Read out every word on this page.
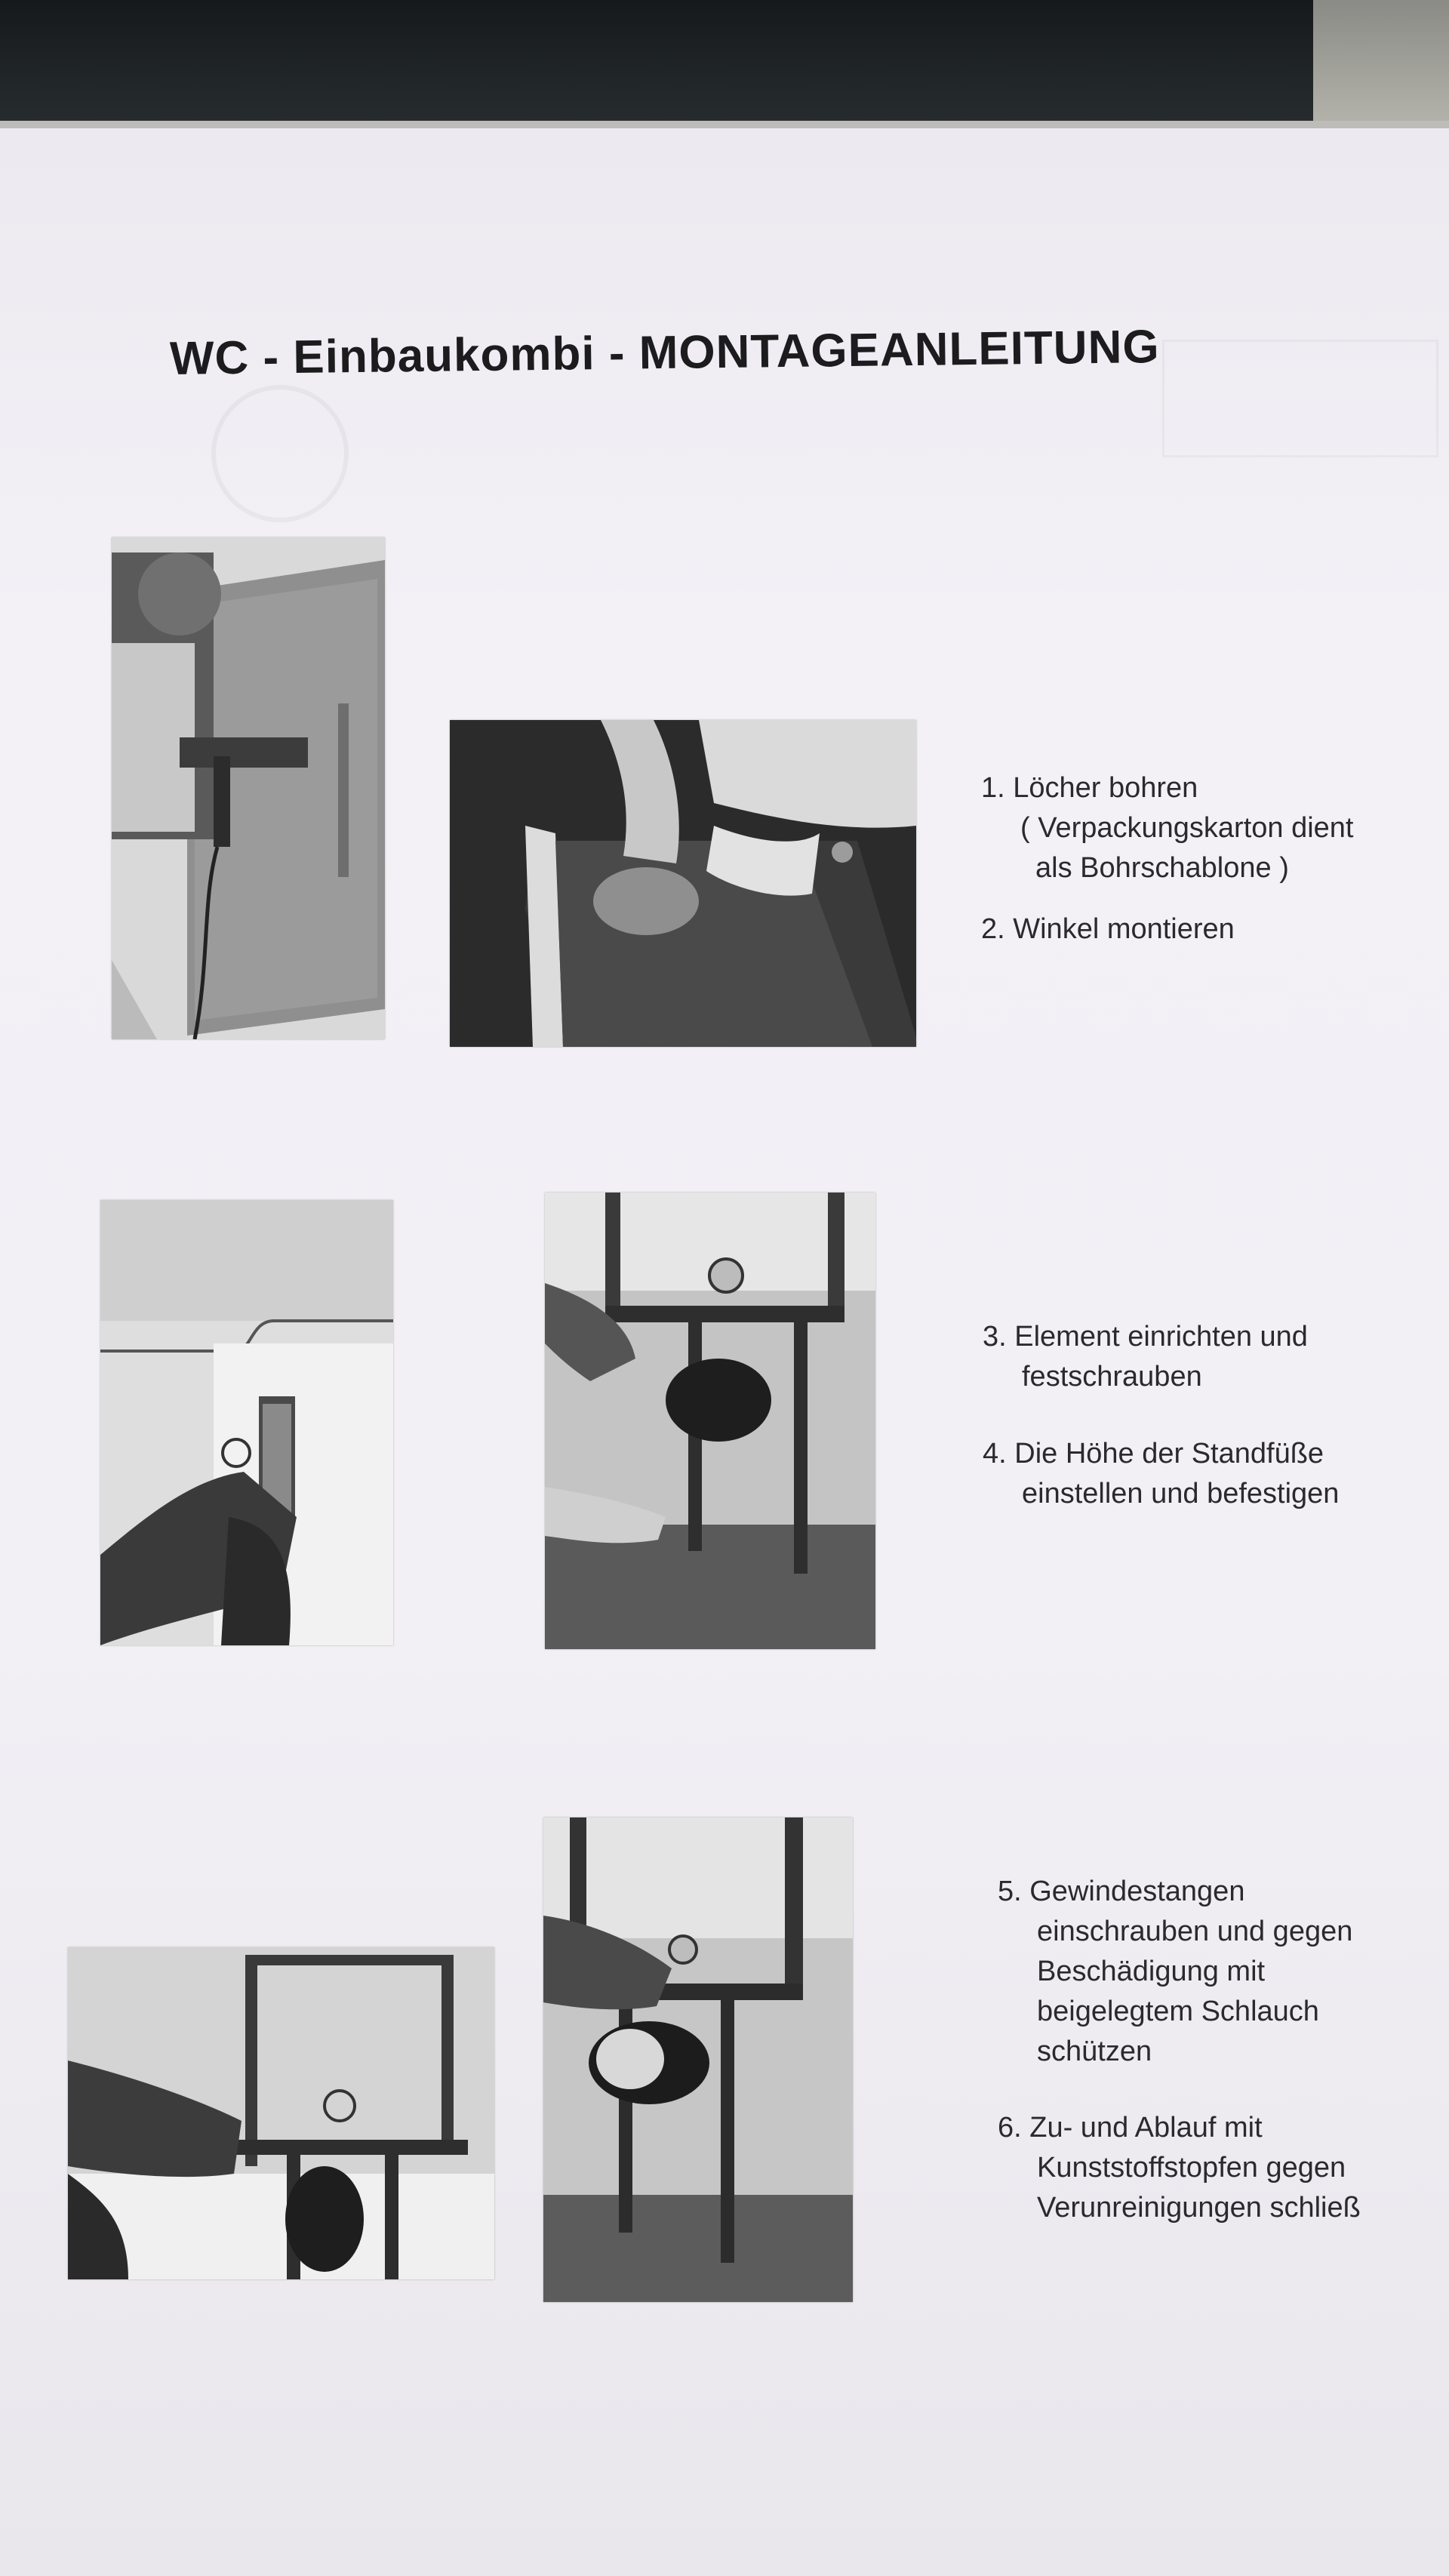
WC - Einbaukombi - MONTAGEANLEITUNG
1. Löcher bohren
( Verpackungskarton dient
als Bohrschablone )
2. Winkel montieren
3. Element einrichten und
festschrauben
4. Die Höhe der Standfüße
einstellen und befestigen
5. Gewindestangen
einschrauben und gegen
Beschädigung mit
beigelegtem Schlauch
schützen
6. Zu- und Ablauf mit
Kunststoffstopfen gegen
Verunreinigungen schließ
